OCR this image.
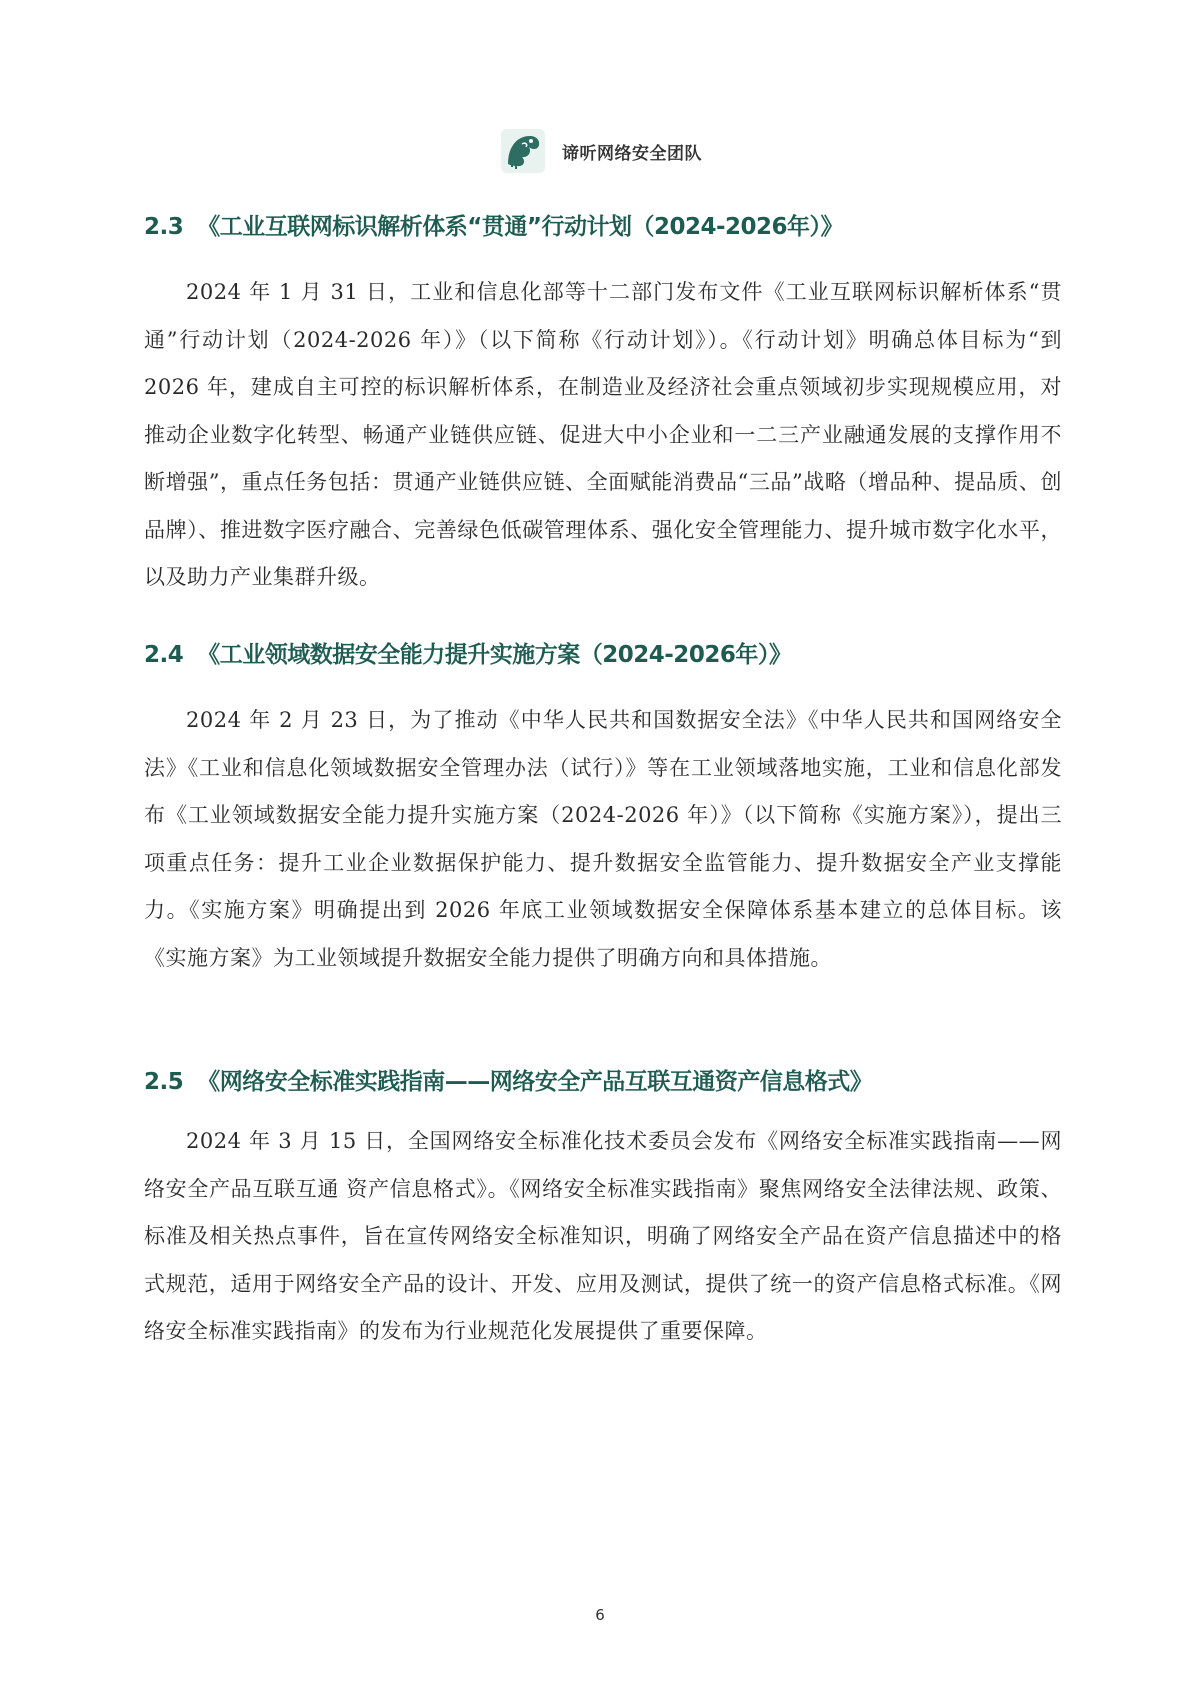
谛听网络安全团队
2.3 《工业互联网标识解析体系“贯通”行动计划（2024-2026年）》

2024 年 1 月 31 日，工业和信息化部等十二部门发布文件《工业互联网标识解析体系“贯通”行动计划（2024-2026 年）》（以下简称《行动计划》）。《行动计划》明确总体目标为“到 2026 年，建成自主可控的标识解析体系，在制造业及经济社会重点领域初步实现规模应用，对推动企业数字化转型、畅通产业链供应链、促进大中小企业和一二三产业融通发展的支撑作用不断增强”，重点任务包括：贯通产业链供应链、全面赋能消费品“三品”战略（增品种、提品质、创品牌）、推进数字医疗融合、完善绿色低碳管理体系、强化安全管理能力、提升城市数字化水平，以及助力产业集群升级。

2.4 《工业领域数据安全能力提升实施方案（2024-2026年）》

2024 年 2 月 23 日，为了推动《中华人民共和国数据安全法》《中华人民共和国网络安全法》《工业和信息化领域数据安全管理办法（试行）》等在工业领域落地实施，工业和信息化部发布《工业领域数据安全能力提升实施方案（2024-2026 年）》（以下简称《实施方案》），提出三项重点任务：提升工业企业数据保护能力、提升数据安全监管能力、提升数据安全产业支撑能力。《实施方案》明确提出到 2026 年底工业领域数据安全保障体系基本建立的总体目标。该《实施方案》为工业领域提升数据安全能力提供了明确方向和具体措施。

2.5 《网络安全标准实践指南——网络安全产品互联互通资产信息格式》

2024 年 3 月 15 日，全国网络安全标准化技术委员会发布《网络安全标准实践指南——网络安全产品互联互通 资产信息格式》。《网络安全标准实践指南》聚焦网络安全法律法规、政策、标准及相关热点事件，旨在宣传网络安全标准知识，明确了网络安全产品在资产信息描述中的格式规范，适用于网络安全产品的设计、开发、应用及测试，提供了统一的资产信息格式标准。《网络安全标准实践指南》的发布为行业规范化发展提供了重要保障。

6
